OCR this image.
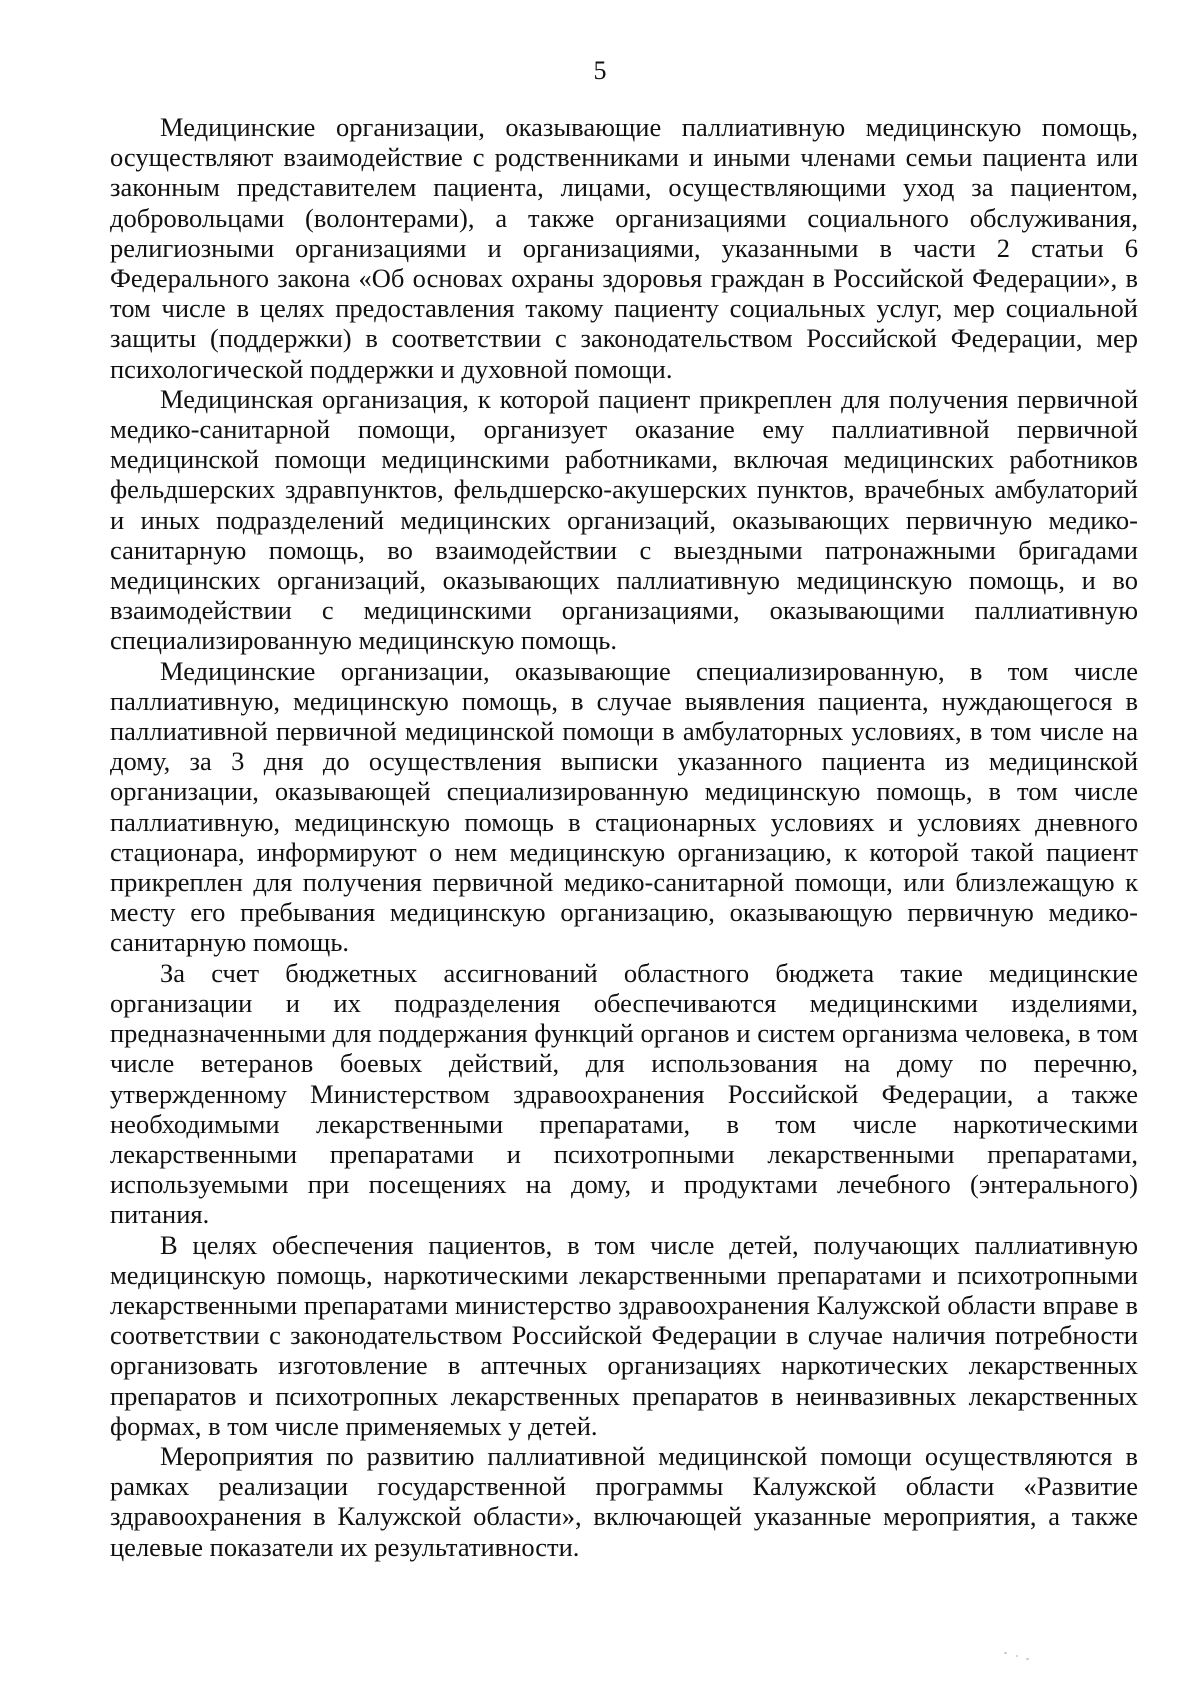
5

Медицинские организации, оказывающие паллиативную медицинскую помощь, осуществляют взаимодействие с родственниками и иными членами семьи пациента или законным представителем пациента, лицами, осуществляющими уход за пациентом, добровольцами (волонтерами), а также организациями социального обслуживания, религиозными организациями и организациями, указанными в части 2 статьи 6 Федерального закона «Об основах охраны здоровья граждан в Российской Федерации», в том числе в целях предоставления такому пациенту социальных услуг, мер социальной защиты (поддержки) в соответствии с законодательством Российской Федерации, мер психологической поддержки и духовной помощи.

Медицинская организация, к которой пациент прикреплен для получения первичной медико-санитарной помощи, организует оказание ему паллиативной первичной медицинской помощи медицинскими работниками, включая медицинских работников фельдшерских здравпунктов, фельдшерско-акушерских пунктов, врачебных амбулаторий и иных подразделений медицинских организаций, оказывающих первичную медико-санитарную помощь, во взаимодействии с выездными патронажными бригадами медицинских организаций, оказывающих паллиативную медицинскую помощь, и во взаимодействии с медицинскими организациями, оказывающими паллиативную специализированную медицинскую помощь.

Медицинские организации, оказывающие специализированную, в том числе паллиативную, медицинскую помощь, в случае выявления пациента, нуждающегося в паллиативной первичной медицинской помощи в амбулаторных условиях, в том числе на дому, за 3 дня до осуществления выписки указанного пациента из медицинской организации, оказывающей специализированную медицинскую помощь, в том числе паллиативную, медицинскую помощь в стационарных условиях и условиях дневного стационара, информируют о нем медицинскую организацию, к которой такой пациент прикреплен для получения первичной медико-санитарной помощи, или близлежащую к месту его пребывания медицинскую организацию, оказывающую первичную медико-санитарную помощь.

За счет бюджетных ассигнований областного бюджета такие медицинские организации и их подразделения обеспечиваются медицинскими изделиями, предназначенными для поддержания функций органов и систем организма человека, в том числе ветеранов боевых действий, для использования на дому по перечню, утвержденному Министерством здравоохранения Российской Федерации, а также необходимыми лекарственными препаратами, в том числе наркотическими лекарственными препаратами и психотропными лекарственными препаратами, используемыми при посещениях на дому, и продуктами лечебного (энтерального) питания.

В целях обеспечения пациентов, в том числе детей, получающих паллиативную медицинскую помощь, наркотическими лекарственными препаратами и психотропными лекарственными препаратами министерство здравоохранения Калужской области вправе в соответствии с законодательством Российской Федерации в случае наличия потребности организовать изготовление в аптечных организациях наркотических лекарственных препаратов и психотропных лекарственных препаратов в неинвазивных лекарственных формах, в том числе применяемых у детей.

Мероприятия по развитию паллиативной медицинской помощи осуществляются в рамках реализации государственной программы Калужской области «Развитие здравоохранения в Калужской области», включающей указанные мероприятия, а также целевые показатели их результативности.
